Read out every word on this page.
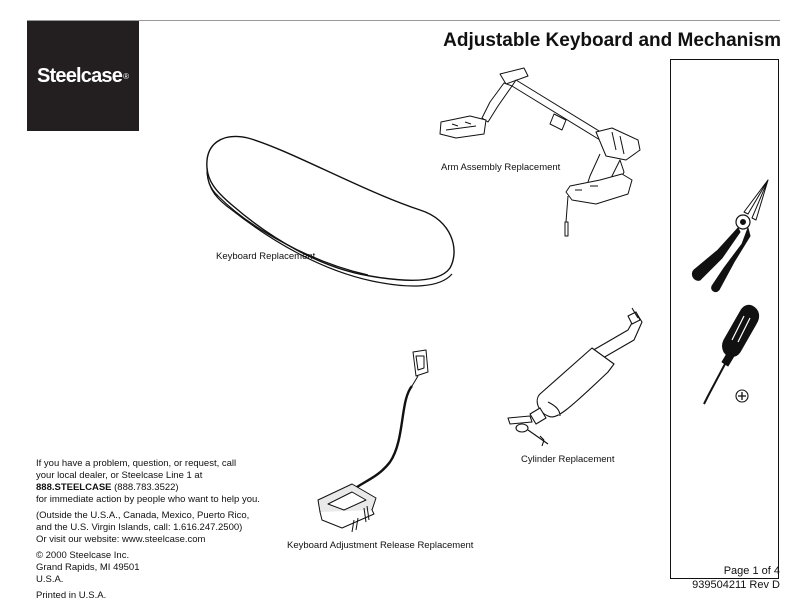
Steelcase ®
Adjustable Keyboard and Mechanism
Arm Assembly Replacement
Keyboard Replacement
Cylinder Replacement
Keyboard Adjustment Release Replacement

If you have a problem, question, or request, call

your local dealer, or Steelcase Line 1 at

888.STEELCASE (888.783.3522)

for immediate action by people who want to help you.

(Outside the U.S.A., Canada, Mexico, Puerto Rico,

and the U.S. Virgin Islands, call: 1.616.247.2500)

Or visit our website: www.steelcase.com

© 2000 Steelcase Inc.

Grand Rapids, MI 49501

U.S.A.

Printed in U.S.A.

Page 1 of 4
939504211 Rev D
